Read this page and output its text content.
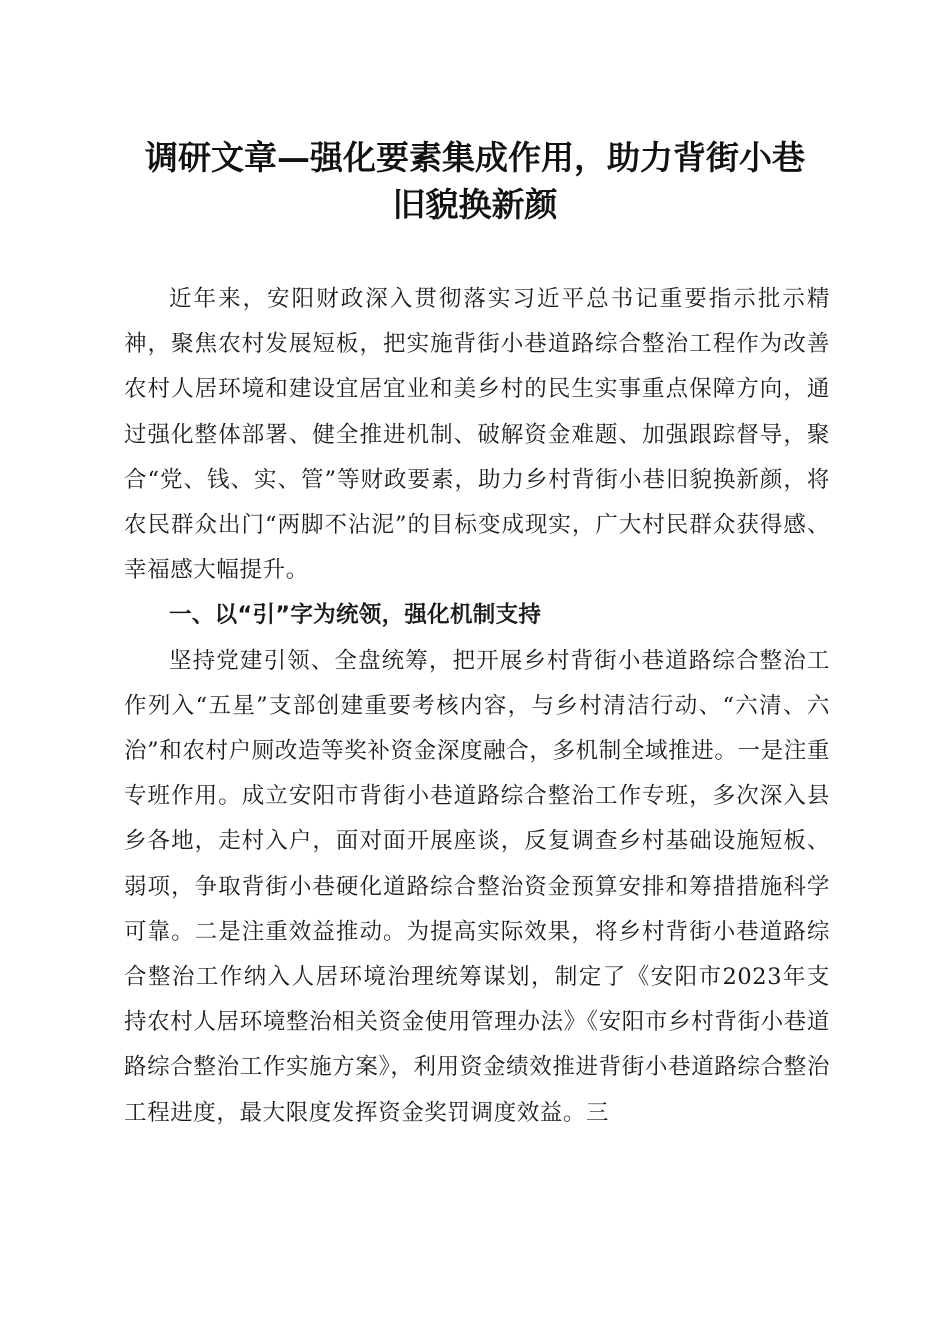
调研文章—强化要素集成作用，助力背街小巷
旧貌换新颜

近年来，安阳财政深入贯彻落实习近平总书记重要指示批示精神，聚焦农村发展短板，把实施背街小巷道路综合整治工程作为改善农村人居环境和建设宜居宜业和美乡村的民生实事重点保障方向，通过强化整体部署、健全推进机制、破解资金难题、加强跟踪督导，聚合“党、钱、实、管”等财政要素，助力乡村背街小巷旧貌换新颜，将农民群众出门“两脚不沾泥”的目标变成现实，广大村民群众获得感、幸福感大幅提升。

一、以“引”字为统领，强化机制支持

坚持党建引领、全盘统筹，把开展乡村背街小巷道路综合整治工作列入“五星”支部创建重要考核内容，与乡村清洁行动、“六清、六治”和农村户厕改造等奖补资金深度融合，多机制全域推进。一是注重专班作用。成立安阳市背街小巷道路综合整治工作专班，多次深入县乡各地，走村入户，面对面开展座谈，反复调查乡村基础设施短板、弱项，争取背街小巷硬化道路综合整治资金预算安排和筹措措施科学可靠。二是注重效益推动。为提高实际效果，将乡村背街小巷道路综合整治工作纳入人居环境治理统筹谋划，制定了《安阳市2023年支持农村人居环境整治相关资金使用管理办法》《安阳市乡村背街小巷道路综合整治工作实施方案》，利用资金绩效推进背街小巷道路综合整治工程进度，最大限度发挥资金奖罚调度效益。三
